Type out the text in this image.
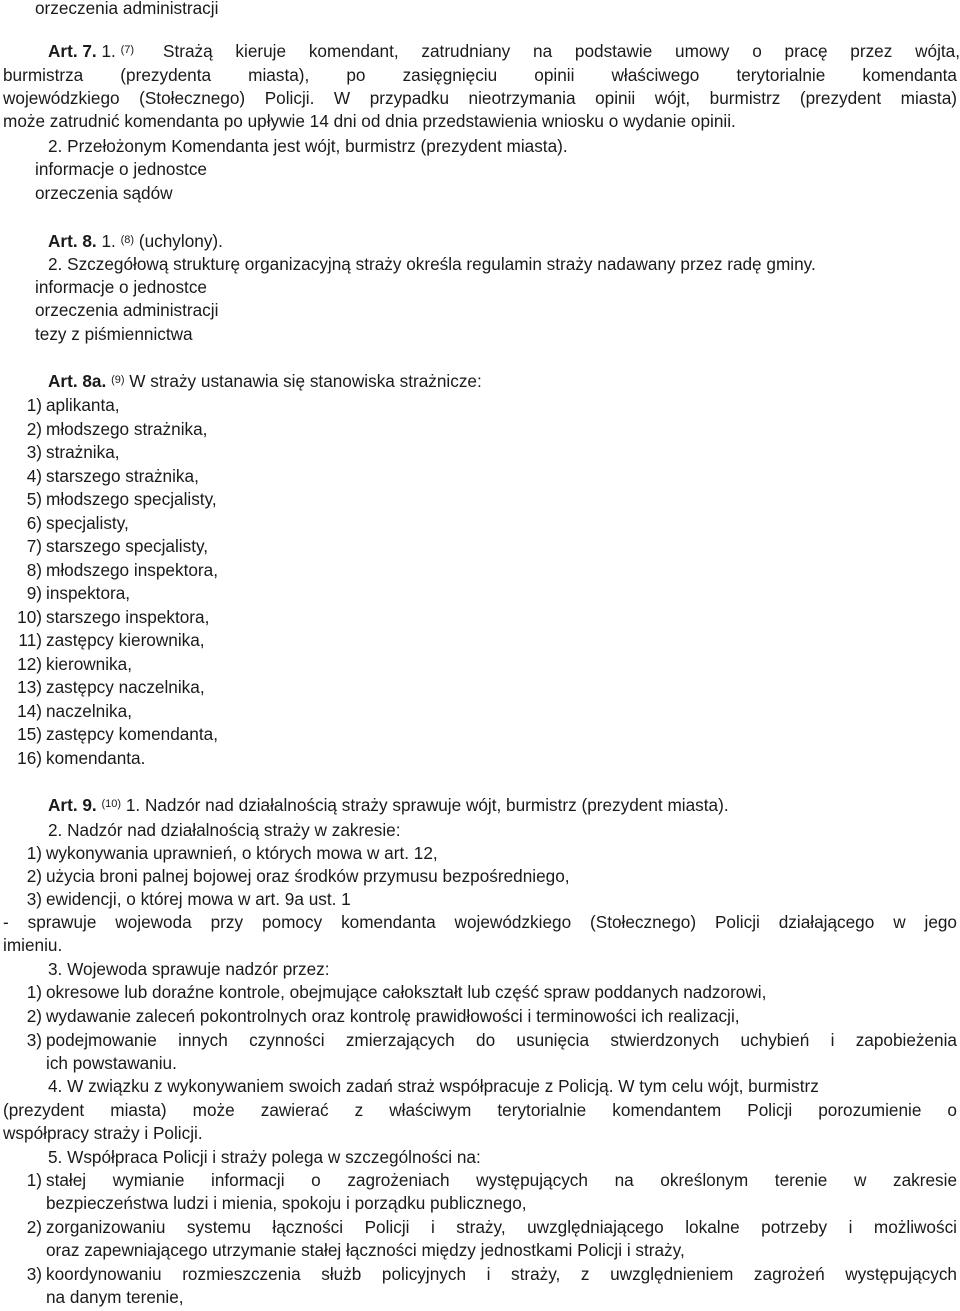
orzeczenia administracji
Art. 7. 1. $^{(7)}$ Strażą kieruje komendant, zatrudniany na podstawie umowy o pracę przez wójta,
burmistrza (prezydenta miasta), po zasięgnięciu opinii właściwego terytorialnie komendanta
wojewódzkiego (Stołecznego) Policji. W przypadku nieotrzymania opinii wójt, burmistrz (prezydent miasta)
może zatrudnić komendanta po upływie 14 dni od dnia przedstawienia wniosku o wydanie opinii.
2. Przełożonym Komendanta jest wójt, burmistrz (prezydent miasta).
informacje o jednostce
orzeczenia sądów
Art. 8. 1. $^{(8)}$ (uchylony).
2. Szczegółową strukturę organizacyjną straży określa regulamin straży nadawany przez radę gminy.
informacje o jednostce
orzeczenia administracji
tezy z piśmiennictwa
Art. 8a. $^{(9)}$ W straży ustanawia się stanowiska strażnicze:
1) aplikanta,
2) młodszego strażnika,
3) strażnika,
4) starszego strażnika,
5) młodszego specjalisty,
6) specjalisty,
7) starszego specjalisty,
8) młodszego inspektora,
9) inspektora,
10) starszego inspektora,
11) zastępcy kierownika,
12) kierownika,
13) zastępcy naczelnika,
14) naczelnika,
15) zastępcy komendanta,
16) komendanta.
Art. 9. $^{(10)}$ 1. Nadzór nad działalnością straży sprawuje wójt, burmistrz (prezydent miasta).
2. Nadzór nad działalnością straży w zakresie:
1) wykonywania uprawnień, o których mowa w art. 12,
2) użycia broni palnej bojowej oraz środków przymusu bezpośredniego,
3) ewidencji, o której mowa w art. 9a ust. 1
- sprawuje wojewoda przy pomocy komendanta wojewódzkiego (Stołecznego) Policji działającego w jego
imieniu.
3. Wojewoda sprawuje nadzór przez:
1) okresowe lub doraźne kontrole, obejmujące całokształt lub część spraw poddanych nadzorowi,
2) wydawanie zaleceń pokontrolnych oraz kontrolę prawidłowości i terminowości ich realizacji,
3) podejmowanie innych czynności zmierzających do usunięcia stwierdzonych uchybień i zapobieżenia
ich powstawaniu.
4. W związku z wykonywaniem swoich zadań straż współpracuje z Policją. W tym celu wójt, burmistrz
(prezydent miasta) może zawierać z właściwym terytorialnie komendantem Policji porozumienie o
współpracy straży i Policji.
5. Współpraca Policji i straży polega w szczególności na:
1) stałej wymianie informacji o zagrożeniach występujących na określonym terenie w zakresie
bezpieczeństwa ludzi i mienia, spokoju i porządku publicznego,
2) zorganizowaniu systemu łączności Policji i straży, uwzględniającego lokalne potrzeby i możliwości
oraz zapewniającego utrzymanie stałej łączności między jednostkami Policji i straży,
3) koordynowaniu rozmieszczenia służb policyjnych i straży, z uwzględnieniem zagrożeń występujących
na danym terenie,
